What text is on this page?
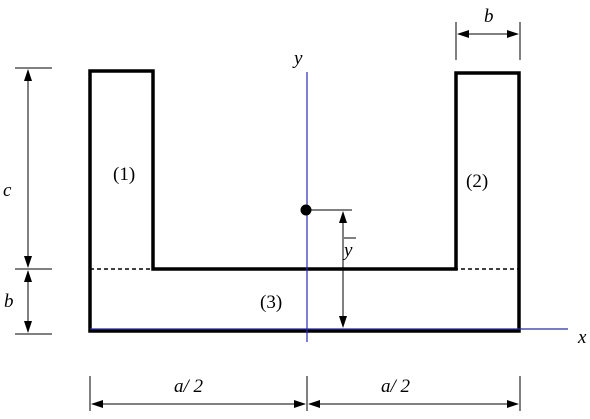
y
c
b
b
a/ 2	a/ 2
(1)	(2)
(3)
y
x
